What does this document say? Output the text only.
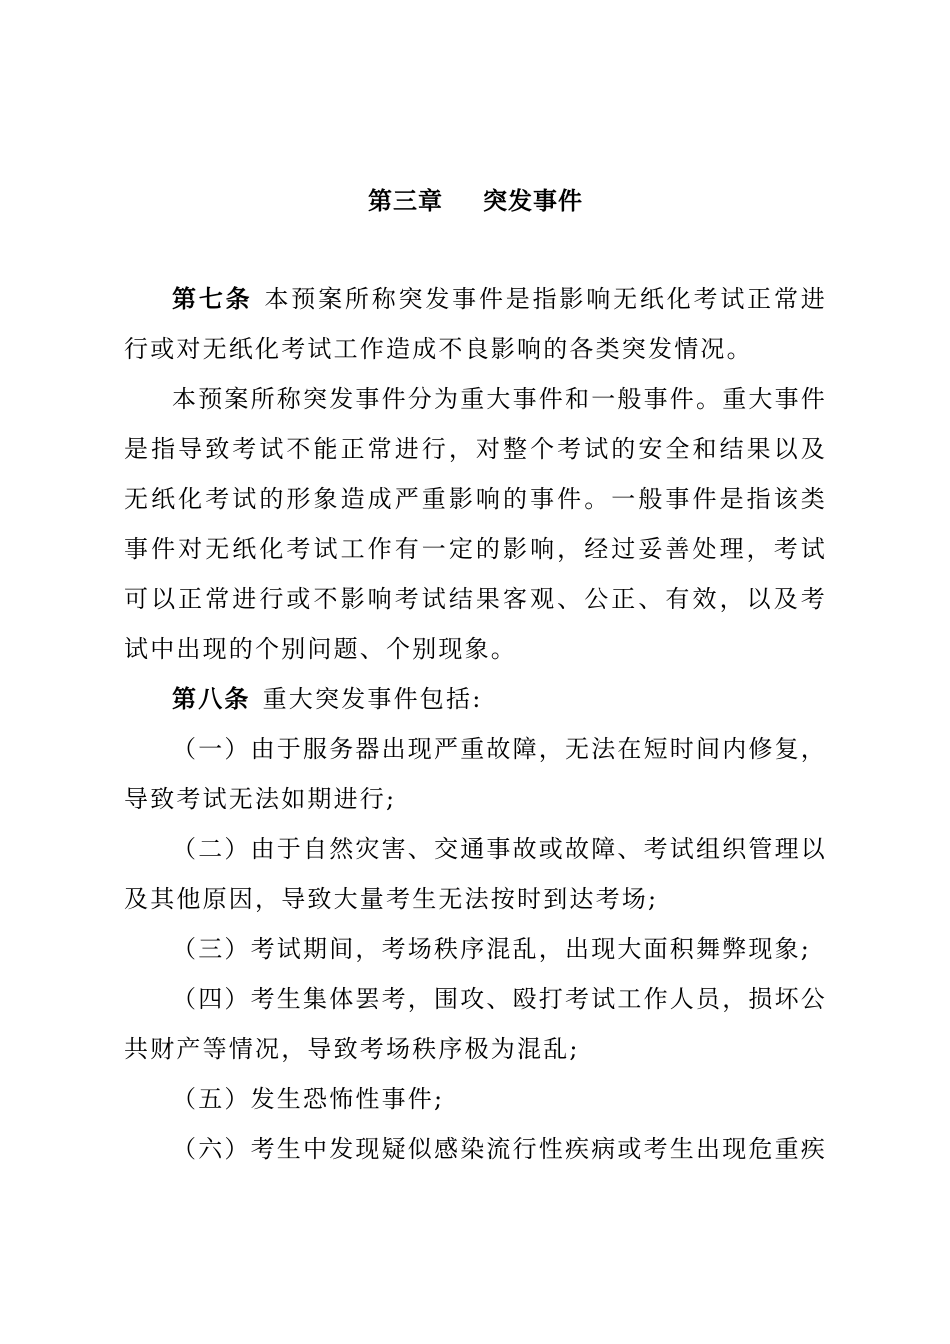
第三章 突发事件

第七条 本预案所称突发事件是指影响无纸化考试正常进行或对无纸化考试工作造成不良影响的各类突发情况。

本预案所称突发事件分为重大事件和一般事件。重大事件是指导致考试不能正常进行，对整个考试的安全和结果以及无纸化考试的形象造成严重影响的事件。一般事件是指该类事件对无纸化考试工作有一定的影响，经过妥善处理，考试可以正常进行或不影响考试结果客观、公正、有效，以及考试中出现的个别问题、个别现象。

第八条 重大突发事件包括:

（一）由于服务器出现严重故障，无法在短时间内修复，导致考试无法如期进行;

（二）由于自然灾害、交通事故或故障、考试组织管理以及其他原因，导致大量考生无法按时到达考场;

（三）考试期间，考场秩序混乱，出现大面积舞弊现象;

（四）考生集体罢考，围攻、殴打考试工作人员，损坏公共财产等情况，导致考场秩序极为混乱;

（五）发生恐怖性事件;

（六）考生中发现疑似感染流行性疾病或考生出现危重疾
